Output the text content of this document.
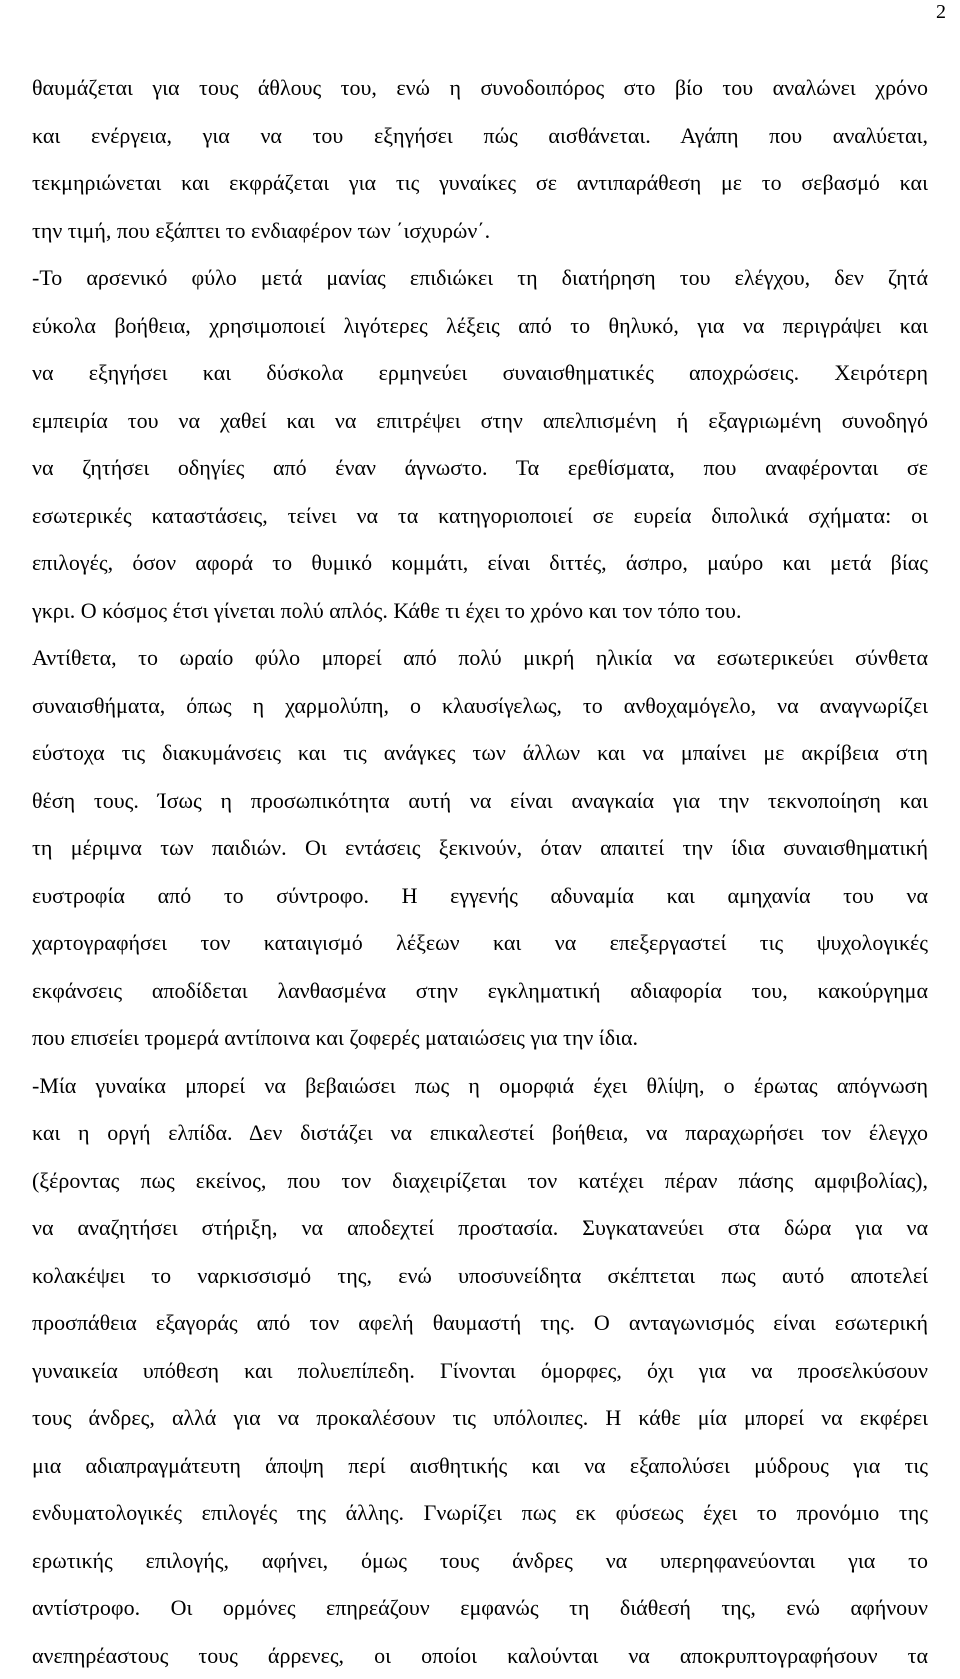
2
θαυμάζεται για τους άθλους του, ενώ η συνοδοιπόρος στο βίο του αναλώνει χρόνο
και ενέργεια, για να του εξηγήσει πώς αισθάνεται. Αγάπη που αναλύεται,
τεκμηριώνεται και εκφράζεται για τις γυναίκες σε αντιπαράθεση με το σεβασμό και
την τιμή, που εξάπτει το ενδιαφέρον των ΄ισχυρών΄.
-Το αρσενικό φύλο μετά μανίας επιδιώκει τη διατήρηση του ελέγχου, δεν ζητά
εύκολα βοήθεια, χρησιμοποιεί λιγότερες λέξεις από το θηλυκό, για να περιγράψει και
να εξηγήσει και δύσκολα ερμηνεύει συναισθηματικές αποχρώσεις. Χειρότερη
εμπειρία του να χαθεί και να επιτρέψει στην απελπισμένη ή εξαγριωμένη συνοδηγό
να ζητήσει οδηγίες από έναν άγνωστο. Τα ερεθίσματα, που αναφέρονται σε
εσωτερικές καταστάσεις, τείνει να τα κατηγοριοποιεί σε ευρεία διπολικά σχήματα: οι
επιλογές, όσον αφορά το θυμικό κομμάτι, είναι διττές, άσπρο, μαύρο και μετά βίας
γκρι. Ο κόσμος έτσι γίνεται πολύ απλός. Κάθε τι έχει το χρόνο και τον τόπο του.
Αντίθετα, το ωραίο φύλο μπορεί από πολύ μικρή ηλικία να εσωτερικεύει σύνθετα
συναισθήματα, όπως η χαρμολύπη, ο κλαυσίγελως, το ανθοχαμόγελο, να αναγνωρίζει
εύστοχα τις διακυμάνσεις και τις ανάγκες των άλλων και να μπαίνει με ακρίβεια στη
θέση τους. Ίσως η προσωπικότητα αυτή να είναι αναγκαία για την τεκνοποίηση και
τη μέριμνα των παιδιών. Οι εντάσεις ξεκινούν, όταν απαιτεί την ίδια συναισθηματική
ευστροφία από το σύντροφο. Η εγγενής αδυναμία και αμηχανία του να
χαρτογραφήσει τον καταιγισμό λέξεων και να επεξεργαστεί τις ψυχολογικές
εκφάνσεις αποδίδεται λανθασμένα στην εγκληματική αδιαφορία του, κακούργημα
που επισείει τρομερά αντίποινα και ζοφερές ματαιώσεις για την ίδια.
-Μία γυναίκα μπορεί να βεβαιώσει πως η ομορφιά έχει θλίψη, ο έρωτας απόγνωση
και η οργή ελπίδα. Δεν διστάζει να επικαλεστεί βοήθεια, να παραχωρήσει τον έλεγχο
(ξέροντας πως εκείνος, που τον διαχειρίζεται τον κατέχει πέραν πάσης αμφιβολίας),
να αναζητήσει στήριξη, να αποδεχτεί προστασία. Συγκατανεύει στα δώρα για να
κολακέψει το ναρκισσισμό της, ενώ υποσυνείδητα σκέπτεται πως αυτό αποτελεί
προσπάθεια εξαγοράς από τον αφελή θαυμαστή της. Ο ανταγωνισμός είναι εσωτερική
γυναικεία υπόθεση και πολυεπίπεδη. Γίνονται όμορφες, όχι για να προσελκύσουν
τους άνδρες, αλλά για να προκαλέσουν τις υπόλοιπες. Η κάθε μία μπορεί να εκφέρει
μια αδιαπραγμάτευτη άποψη περί αισθητικής και να εξαπολύσει μύδρους για τις
ενδυματολογικές επιλογές της άλλης. Γνωρίζει πως εκ φύσεως έχει το προνόμιο της
ερωτικής επιλογής, αφήνει, όμως τους άνδρες να υπερηφανεύονται για το
αντίστροφο. Οι ορμόνες επηρεάζουν εμφανώς τη διάθεσή της, ενώ αφήνουν
ανεπηρέαστους τους άρρενες, οι οποίοι καλούνται να αποκρυπτογραφήσουν τα
